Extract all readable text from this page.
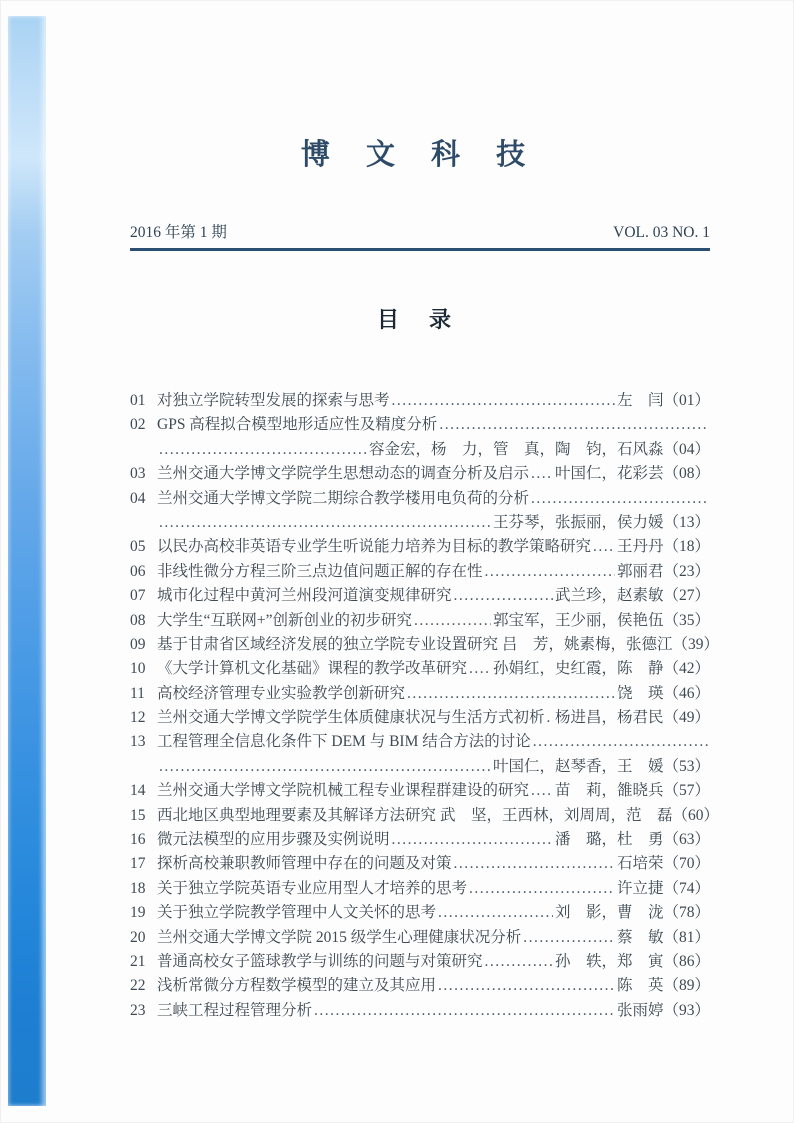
博 文 科 技
2016 年第 1 期	VOL. 03 NO. 1
目 录
01 对独立学院转型发展的探索与思考 .....	左　闫 （01）
02 GPS 高程拟合模型地形适应性及精度分析
.....
.....
容金宏，杨　力，管　真，陶　钧，石风淼 （04）
03 兰州交通大学博文学院学生思想动态的调查分析及启示 ..... 叶国仁，花彩芸 （08）
04 兰州交通大学博文学院二期综合教学楼用电负荷的分析
.....
.....
王芬琴，张振丽，侯力媛 （13）
05 以民办高校非英语专业学生听说能力培养为目标的教学策略研究 ..... 王丹丹 （18）
06 非线性微分方程三阶三点边值问题正解的存在性 .....	郭丽君 （23）
07 城市化过程中黄河兰州段河道演变规律研究 .....	武兰珍，赵素敏 （27）
08 大学生“互联网+”创新创业的初步研究 .....	郭宝军，王少丽，侯艳伍 （35）
09 基于甘肃省区域经济发展的独立学院专业设置研究 吕　芳，姚素梅，张德江 （39）
10 《大学计算机文化基础》课程的教学改革研究 ..... 孙娟红，史红霞，陈　静 （42）
11 高校经济管理专业实验教学创新研究 .....	饶　瑛 （46）
12 兰州交通大学博文学院学生体质健康状况与生活方式初析 ..... 杨进昌，杨君民 （49）
13 工程管理全信息化条件下 DEM 与 BIM 结合方法的讨论
.....
.....
叶国仁，赵琴香，王　媛 （53）
14 兰州交通大学博文学院机械工程专业课程群建设的研究 ..... 苗　莉，雒晓兵 （57）
15 西北地区典型地理要素及其解译方法研究 武　坚，王西林，刘周周，范　磊 （60）
16 微元法模型的应用步骤及实例说明 .....	潘　璐，杜　勇 （63）
17 探析高校兼职教师管理中存在的问题及对策 .....	石培荣 （70）
18 关于独立学院英语专业应用型人才培养的思考 .....	许立捷 （74）
19 关于独立学院教学管理中人文关怀的思考 .....	刘　影，曹　泷 （78）
20 兰州交通大学博文学院 2015 级学生心理健康状况分析 .....	蔡　敏 （81）
21 普通高校女子篮球教学与训练的问题与对策研究 .....	孙　轶，郑　寅 （86）
22 浅析常微分方程数学模型的建立及其应用 .....	陈　英 （89）
23 三峡工程过程管理分析 .....	张雨婷 （93）
